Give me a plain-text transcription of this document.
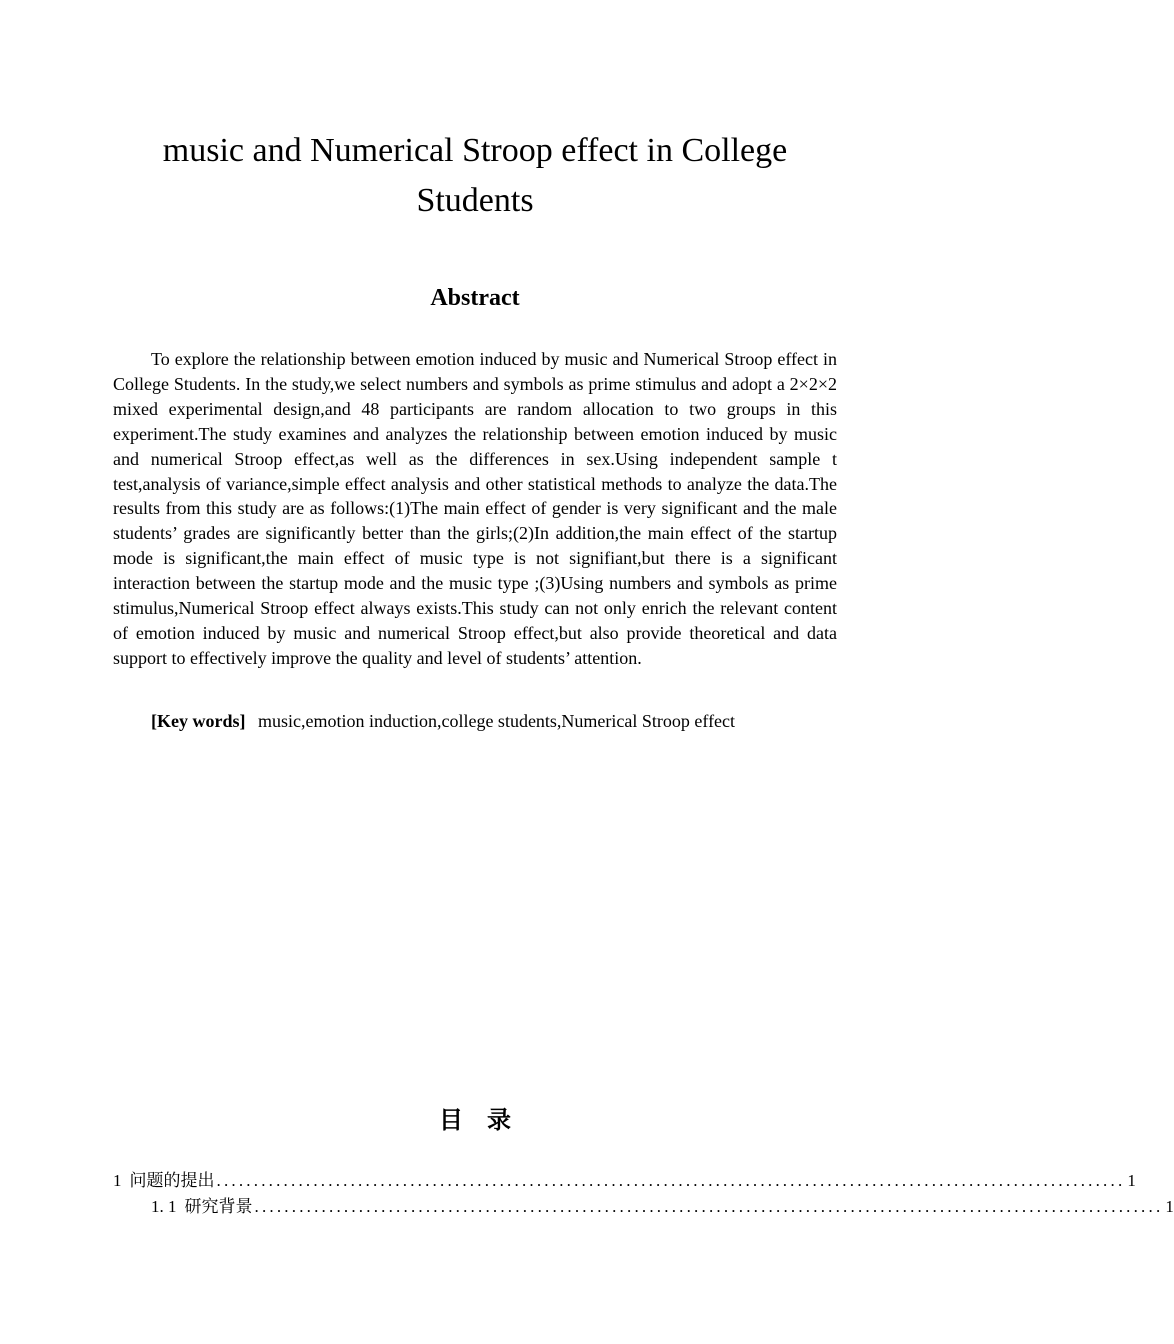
music and Numerical Stroop effect in College Students
Abstract

To explore the relationship between emotion induced by music and Numerical Stroop effect in College Students. In the study,we select numbers and symbols as prime stimulus and adopt a 2×2×2 mixed experimental design,and 48 participants are random allocation to two groups in this experiment.The study examines and analyzes the relationship between emotion induced by music and numerical Stroop effect,as well as the differences in sex.Using independent sample t test,analysis of variance,simple effect analysis and other statistical methods to analyze the data.The results from this study are as follows:(1)The main effect of gender is very significant and the male students’ grades are significantly better than the girls;(2)In addition,the main effect of the startup mode is significant,the main effect of music type is not signifiant,but there is a significant interaction between the startup mode and the music type ;(3)Using numbers and symbols as prime stimulus,Numerical Stroop effect always exists.This study can not only enrich the relevant content of emotion induced by music and numerical Stroop effect,but also provide theoretical and data support to effectively improve the quality and level of students’ attention.

[Key words] music,emotion induction,college students,Numerical Stroop effect

目录
1 问题的提出 .......................................................................................................................... 1
1. 1 研究背景 .......................................................................................................................... 1
